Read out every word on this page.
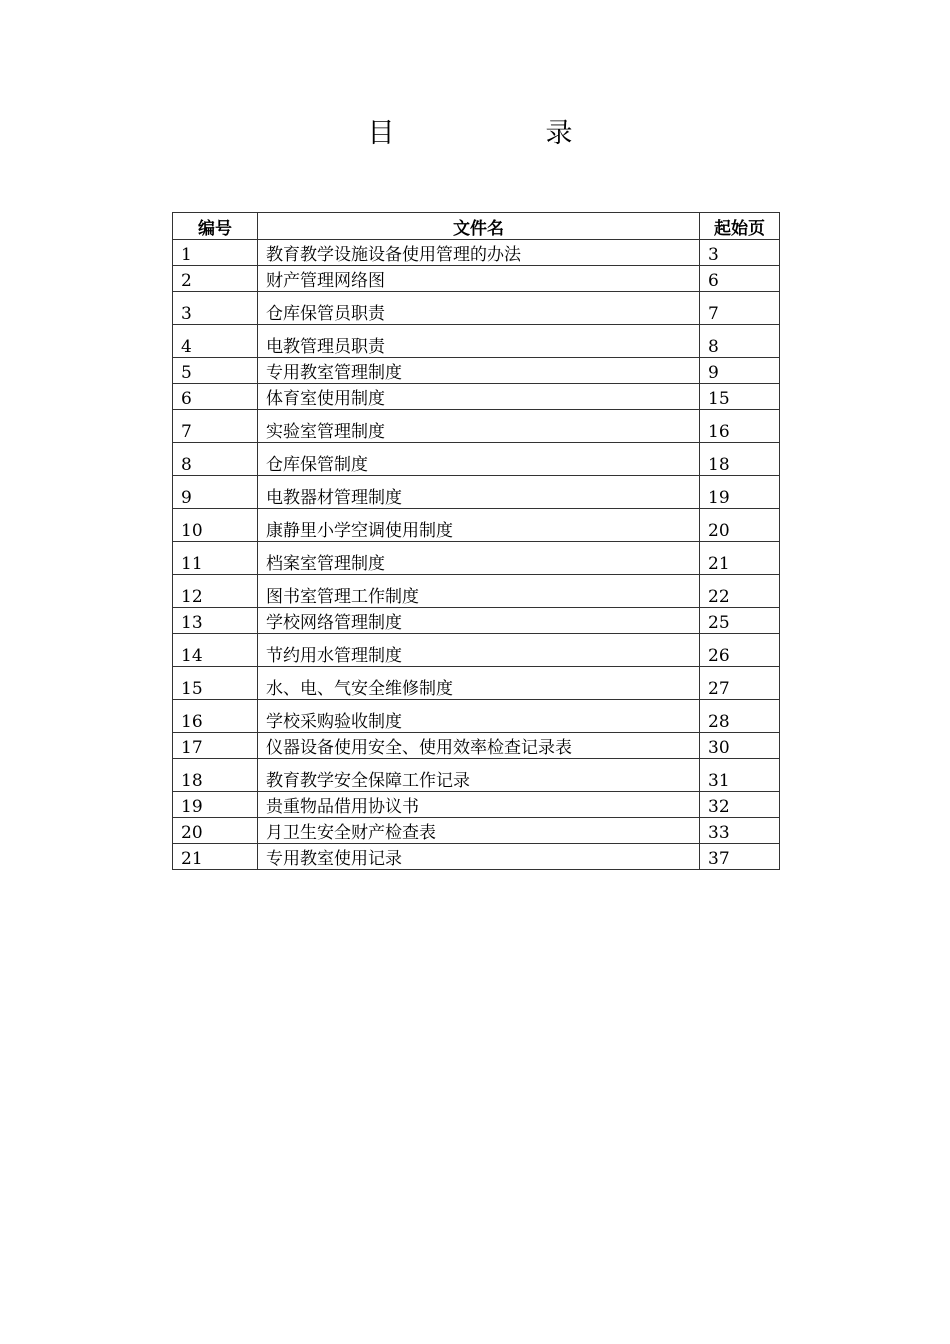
目　录
编号	文件名	起始页
1	教育教学设施设备使用管理的办法	3
2	财产管理网络图	6
3	仓库保管员职责	7
4	电教管理员职责	8
5	专用教室管理制度	9
6	体育室使用制度	15
7	实验室管理制度	16
8	仓库保管制度	18
9	电教器材管理制度	19
10	康静里小学空调使用制度	20
11	档案室管理制度	21
12	图书室管理工作制度	22
13	学校网络管理制度	25
14	节约用水管理制度	26
15	水、电、气安全维修制度	27
16	学校采购验收制度	28
17	仪器设备使用安全、使用效率检查记录表	30
18	教育教学安全保障工作记录	31
19	贵重物品借用协议书	32
20	月卫生安全财产检查表	33
21	专用教室使用记录	37
